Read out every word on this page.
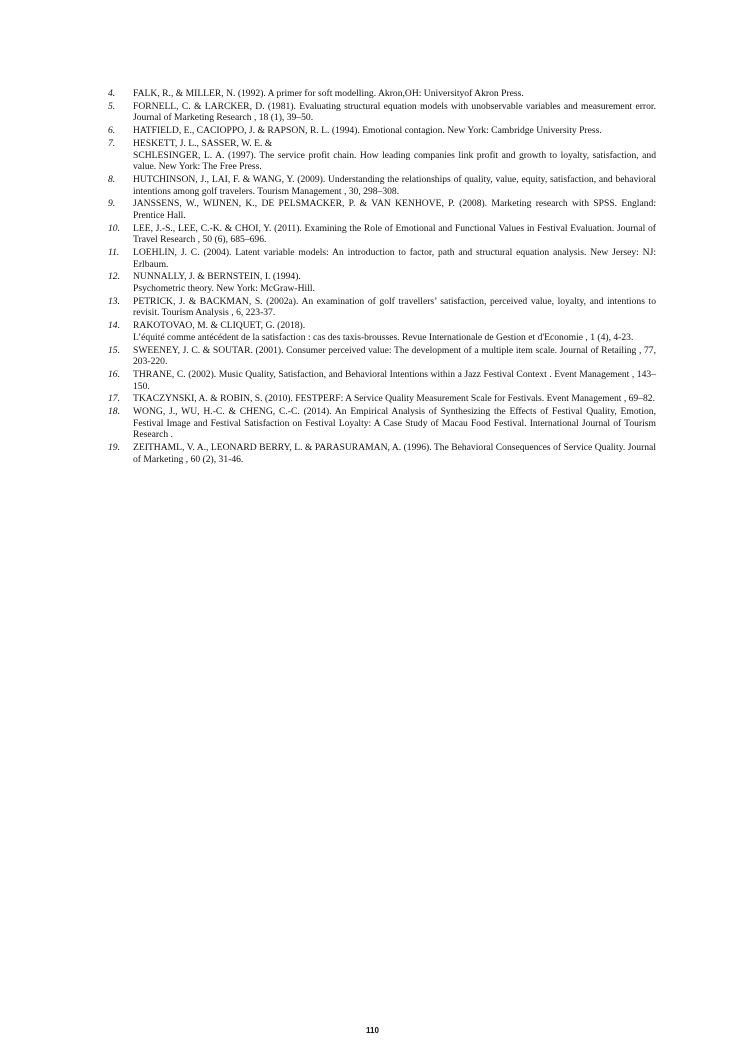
4.	FALK, R., & MILLER, N. (1992). A primer for soft modelling. Akron,OH: Universityof Akron Press.
5.	FORNELL, C. & LARCKER, D. (1981). Evaluating structural equation models with unobservable variables and measurement error. Journal of Marketing Research , 18 (1), 39–50.
6.	HATFIELD, E., CACIOPPO, J. & RAPSON, R. L. (1994). Emotional contagion. New York: Cambridge University Press.
7.	HESKETT, J. L., SASSER, W. E. &
SCHLESINGER, L. A. (1997). The service profit chain. How leading companies link profit and growth to loyalty, satisfaction, and value. New York: The Free Press.
8.	HUTCHINSON, J., LAI, F. & WANG, Y. (2009). Understanding the relationships of quality, value, equity, satisfaction, and behavioral intentions among golf travelers. Tourism Management , 30, 298–308.
9.	JANSSENS, W., WIJNEN, K., DE PELSMACKER, P. & VAN KENHOVE, P. (2008). Marketing research with SPSS. England: Prentice Hall.
10.	LEE, J.-S., LEE, C.-K. & CHOI, Y. (2011). Examining the Role of Emotional and Functional Values in Festival Evaluation. Journal of Travel Research , 50 (6), 685–696.
11.	LOEHLIN, J. C. (2004). Latent variable models: An introduction to factor, path and structural equation analysis. New Jersey: NJ: Erlbaum.
12.	NUNNALLY, J. & BERNSTEIN, I. (1994).
Psychometric theory. New York: McGraw-Hill.
13.	PETRICK, J. & BACKMAN, S. (2002a). An examination of golf travellers’ satisfaction, perceived value, loyalty, and intentions to revisit. Tourism Analysis , 6, 223-37.
14.	RAKOTOVAO, M. & CLIQUET, G. (2018).
L’équité comme antécédent de la satisfaction : cas des taxis-brousses. Revue Internationale de Gestion et d'Economie , 1 (4), 4-23.
15.	SWEENEY, J. C. & SOUTAR. (2001). Consumer perceived value: The development of a multiple item scale. Journal of Retailing , 77, 203-220.
16.	THRANE, C. (2002). Music Quality, Satisfaction, and Behavioral Intentions within a Jazz Festival Context . Event Management , 143–150.
17.	TKACZYNSKI, A. & ROBIN, S. (2010). FESTPERF: A Service Quality Measurement Scale for Festivals. Event Management , 69–82.
18.	WONG, J., WU, H.-C. & CHENG, C.-C. (2014). An Empirical Analysis of Synthesizing the Effects of Festival Quality, Emotion, Festival Image and Festival Satisfaction on Festival Loyalty: A Case Study of Macau Food Festival. International Journal of Tourism Research .
19.	ZEITHAML, V. A., LEONARD BERRY, L. & PARASURAMAN, A. (1996). The Behavioral Consequences of Service Quality. Journal of Marketing , 60 (2), 31-46.
110
